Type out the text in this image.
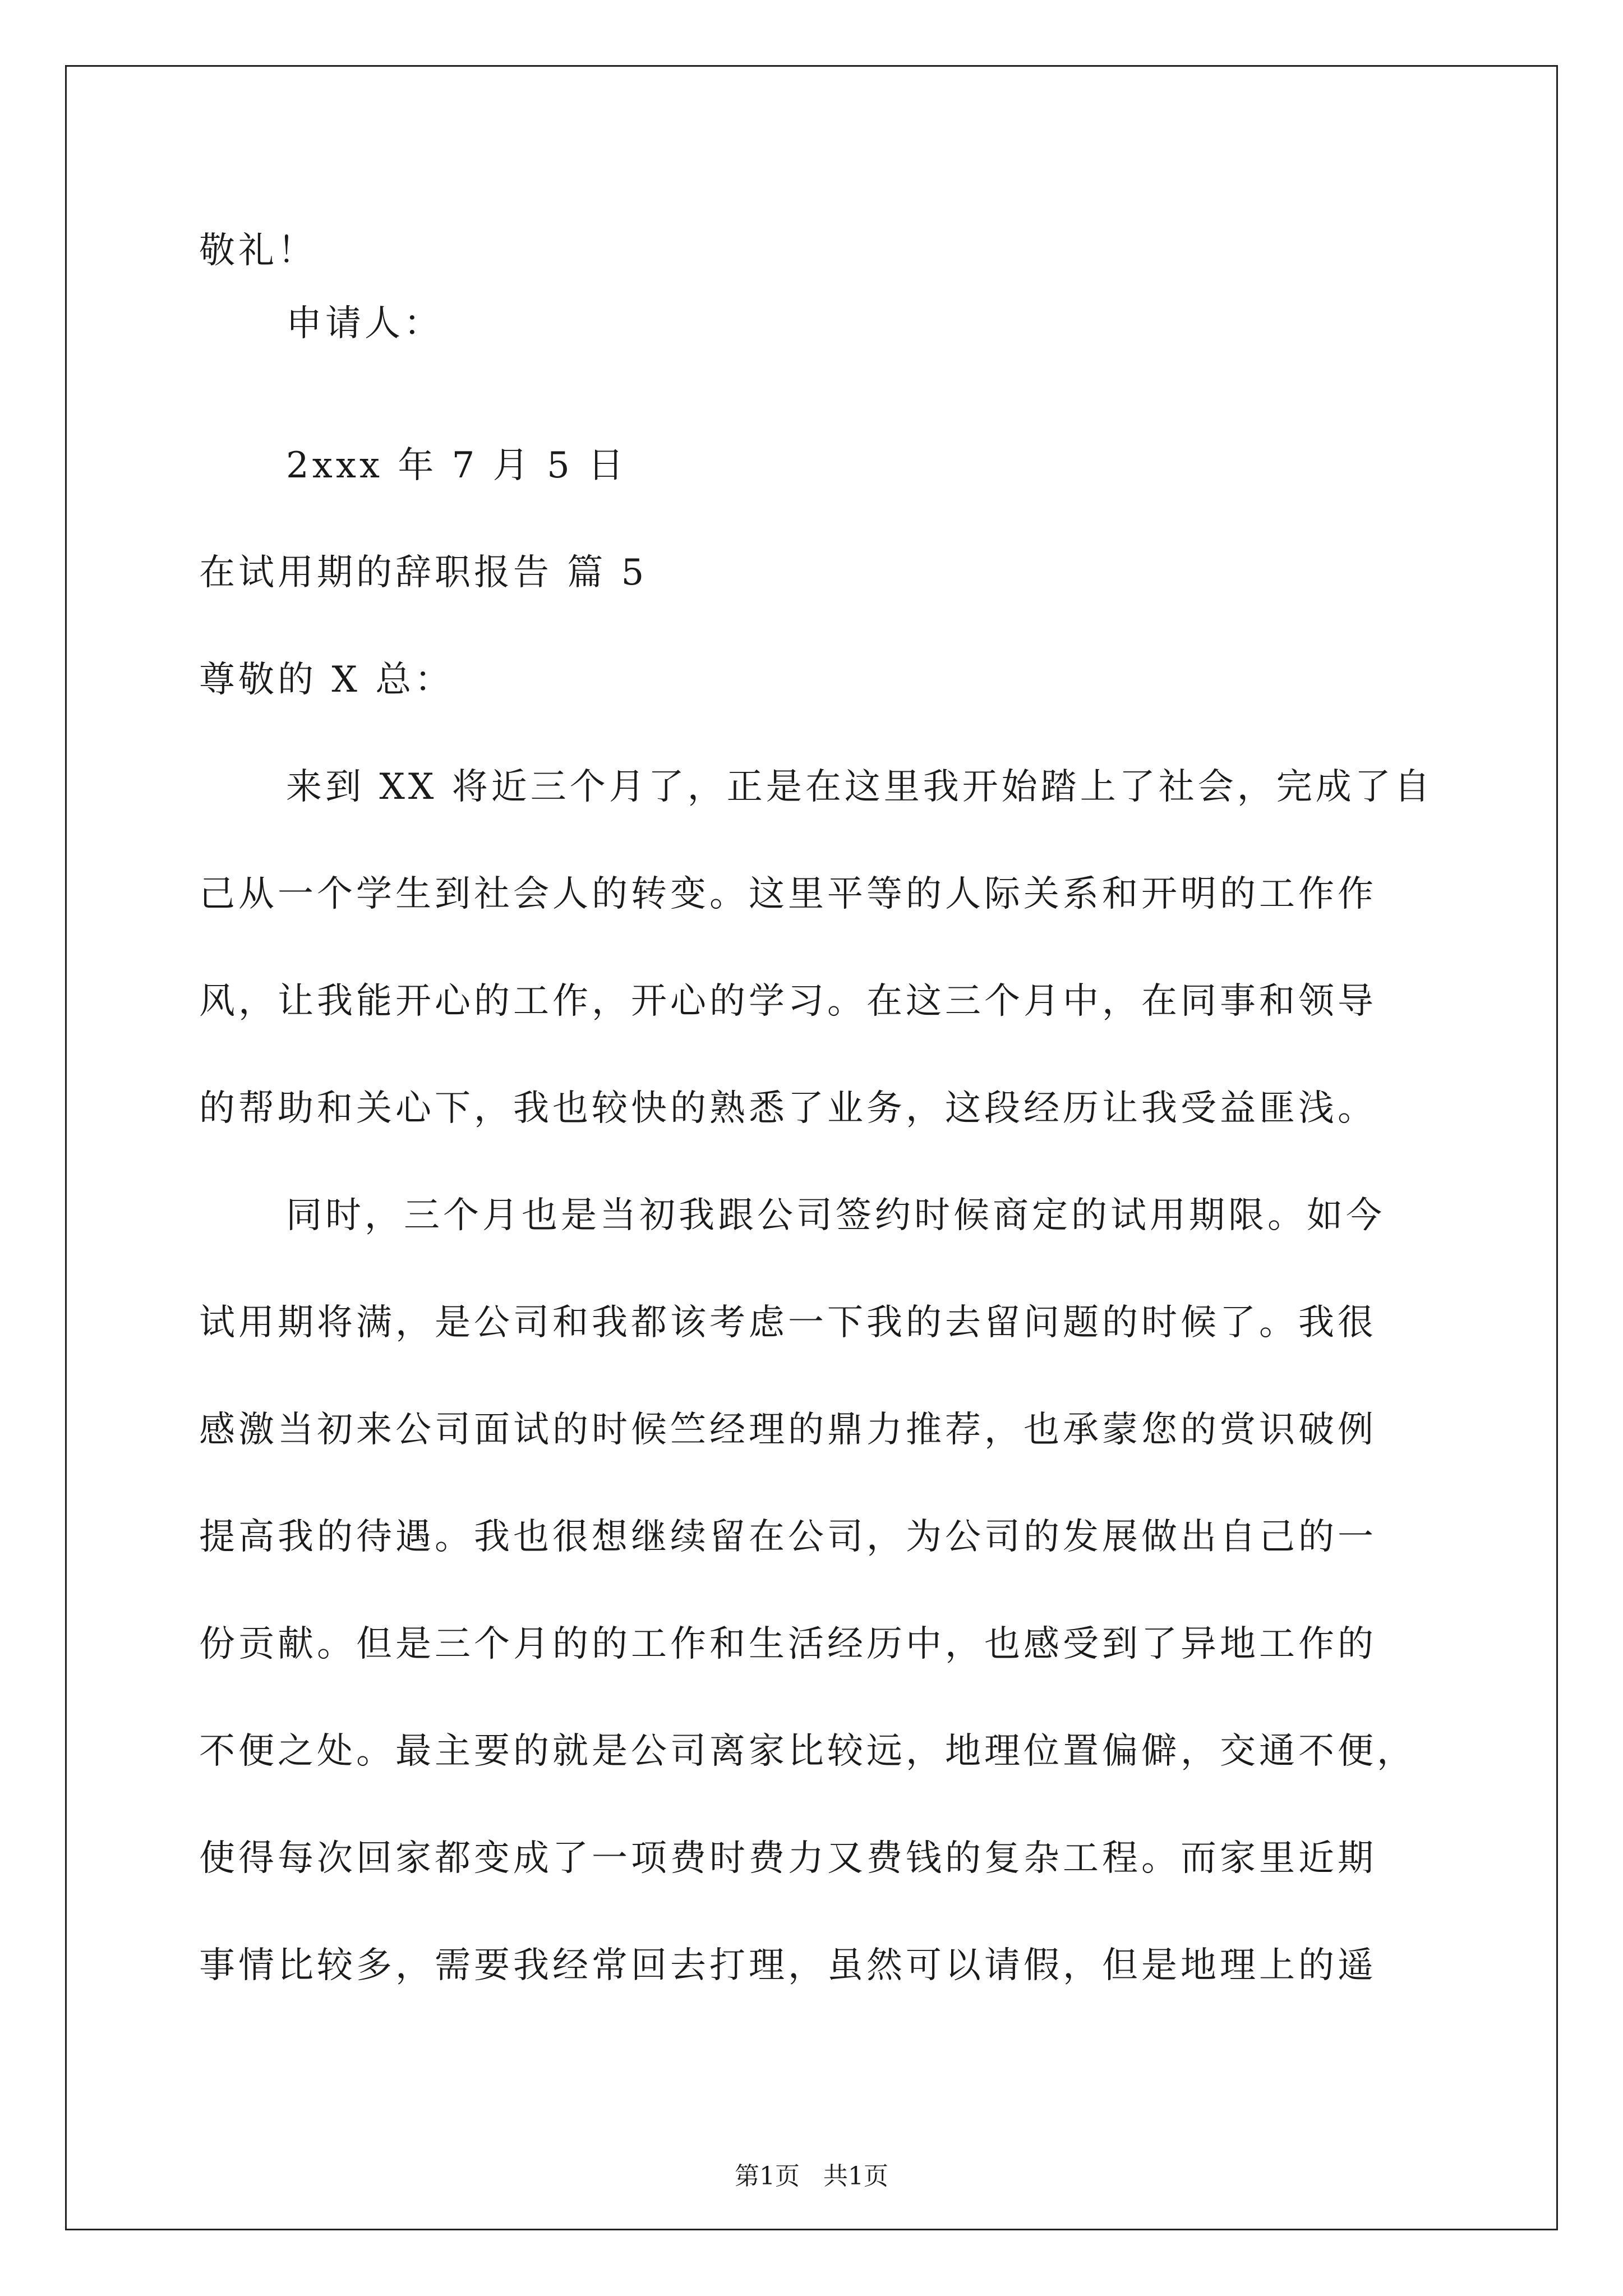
敬礼！
申请人：
2xxx 年 7 月 5 日
在试用期的辞职报告 篇 5
尊敬的 X 总：
来到 XX 将近三个月了，正是在这里我开始踏上了社会，完成了自
己从一个学生到社会人的转变。这里平等的人际关系和开明的工作作
风，让我能开心的工作，开心的学习。在这三个月中，在同事和领导
的帮助和关心下，我也较快的熟悉了业务，这段经历让我受益匪浅。
同时，三个月也是当初我跟公司签约时候商定的试用期限。如今
试用期将满，是公司和我都该考虑一下我的去留问题的时候了。我很
感激当初来公司面试的时候竺经理的鼎力推荐，也承蒙您的赏识破例
提高我的待遇。我也很想继续留在公司，为公司的发展做出自己的一
份贡献。但是三个月的的工作和生活经历中，也感受到了异地工作的
不便之处。最主要的就是公司离家比较远，地理位置偏僻，交通不便，
使得每次回家都变成了一项费时费力又费钱的复杂工程。而家里近期
事情比较多，需要我经常回去打理，虽然可以请假，但是地理上的遥
第1页   共1页
